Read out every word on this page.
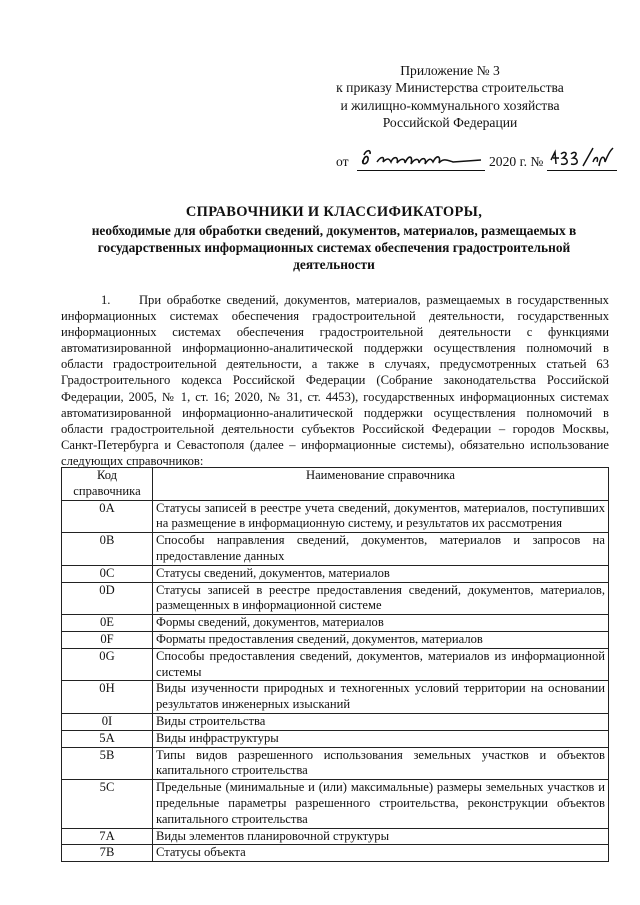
Приложение № 3
к приказу Министерства строительства
и жилищно-коммунального хозяйства
Российской Федерации
от	2020 г. №
СПРАВОЧНИКИ И КЛАССИФИКАТОРЫ,
необходимые для обработки сведений, документов, материалов, размещаемых в государственных информационных системах обеспечения градостроительной деятельности
1. При обработке сведений, документов, материалов, размещаемых в государственных информационных системах обеспечения градостроительной деятельности, государственных информационных системах обеспечения градостроительной деятельности с функциями автоматизированной информационно-аналитической поддержки осуществления полномочий в области градостроительной деятельности, а также в случаях, предусмотренных статьей 63 Градостроительного кодекса Российской Федерации (Собрание законодательства Российской Федерации, 2005, № 1, ст. 16; 2020, № 31, ст. 4453), государственных информационных системах автоматизированной информационно-аналитической поддержки осуществления полномочий в области градостроительной деятельности субъектов Российской Федерации – городов Москвы, Санкт-Петербурга и Севастополя (далее – информационные системы), обязательно использование следующих справочников:
Код справочника	Наименование справочника
0A	Статусы записей в реестре учета сведений, документов, материалов, поступивших на размещение в информационную систему, и результатов их рассмотрения
0B	Способы направления сведений, документов, материалов и запросов на предоставление данных
0C	Статусы сведений, документов, материалов
0D	Статусы записей в реестре предоставления сведений, документов, материалов, размещенных в информационной системе
0E	Формы сведений, документов, материалов
0F	Форматы предоставления сведений, документов, материалов
0G	Способы предоставления сведений, документов, материалов из информационной системы
0H	Виды изученности природных и техногенных условий территории на основании результатов инженерных изысканий
0I	Виды строительства
5A	Виды инфраструктуры
5B	Типы видов разрешенного использования земельных участков и объектов капитального строительства
5C	Предельные (минимальные и (или) максимальные) размеры земельных участков и предельные параметры разрешенного строительства, реконструкции объектов капитального строительства
7A	Виды элементов планировочной структуры
7B	Статусы объекта
